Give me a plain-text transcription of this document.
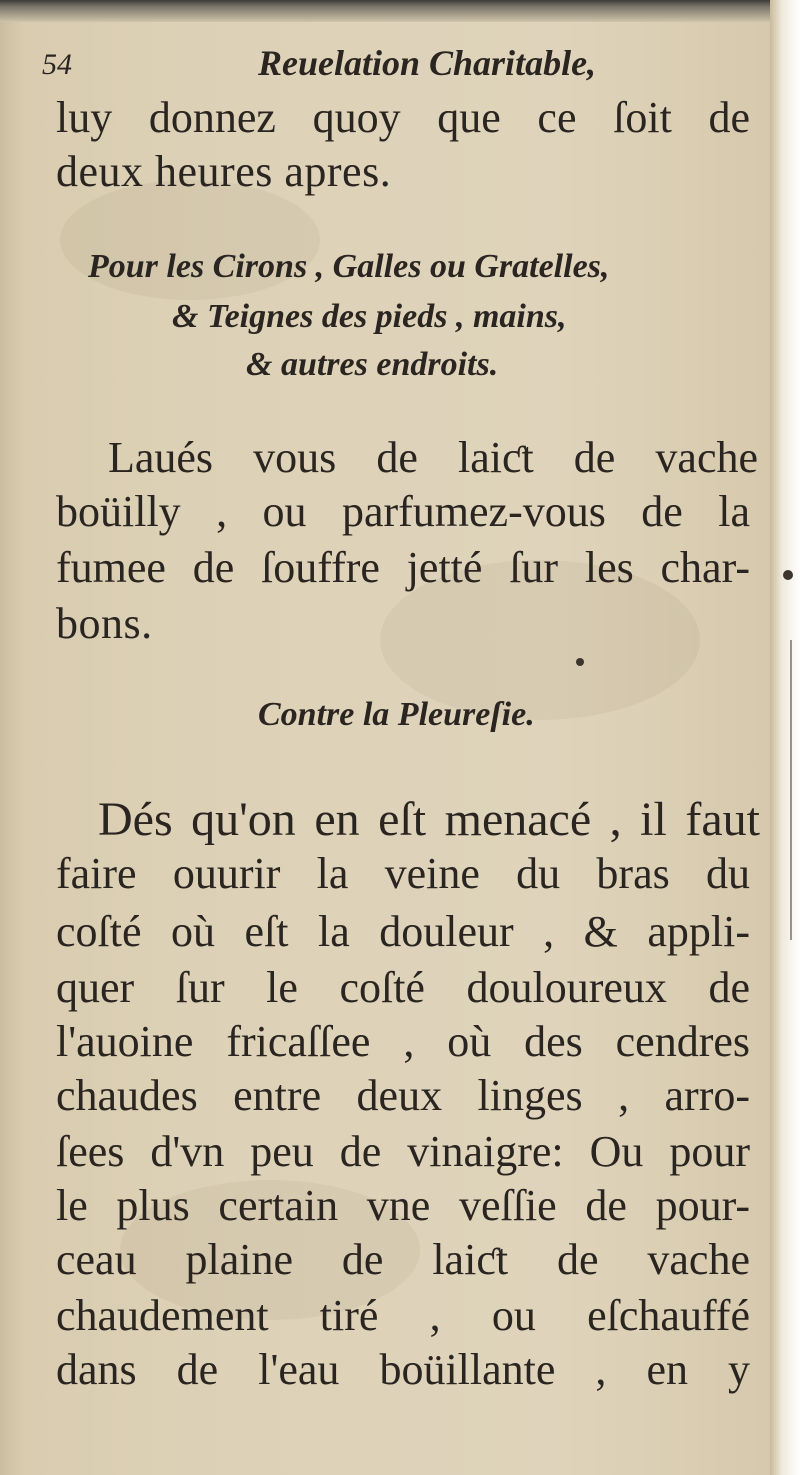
54	Reuelation Charitable,
luy donnez quoy que ce ſoit de
deux heures apres.
Pour les Cirons , Galles ou Gratelles,
& Teignes des pieds , mains,
& autres endroits.
Laués vous de laiƈt de vache
boüilly , ou parfumez-vous de la
fumee de ſouffre jetté ſur les char-
bons.
Contre la Pleureſie.
Dés qu'on en eſt menacé , il faut
faire ouurir la veine du bras du
coſté où eſt la douleur , & appli-
quer ſur le coſté douloureux de
l'auoine fricaſſee , où des cendres
chaudes entre deux linges , arro-
ſees d'vn peu de vinaigre: Ou pour
le plus certain vne veſſie de pour-
ceau plaine de laiƈt de vache
chaudement tiré , ou eſchauffé
dans de l'eau boüillante , en y
